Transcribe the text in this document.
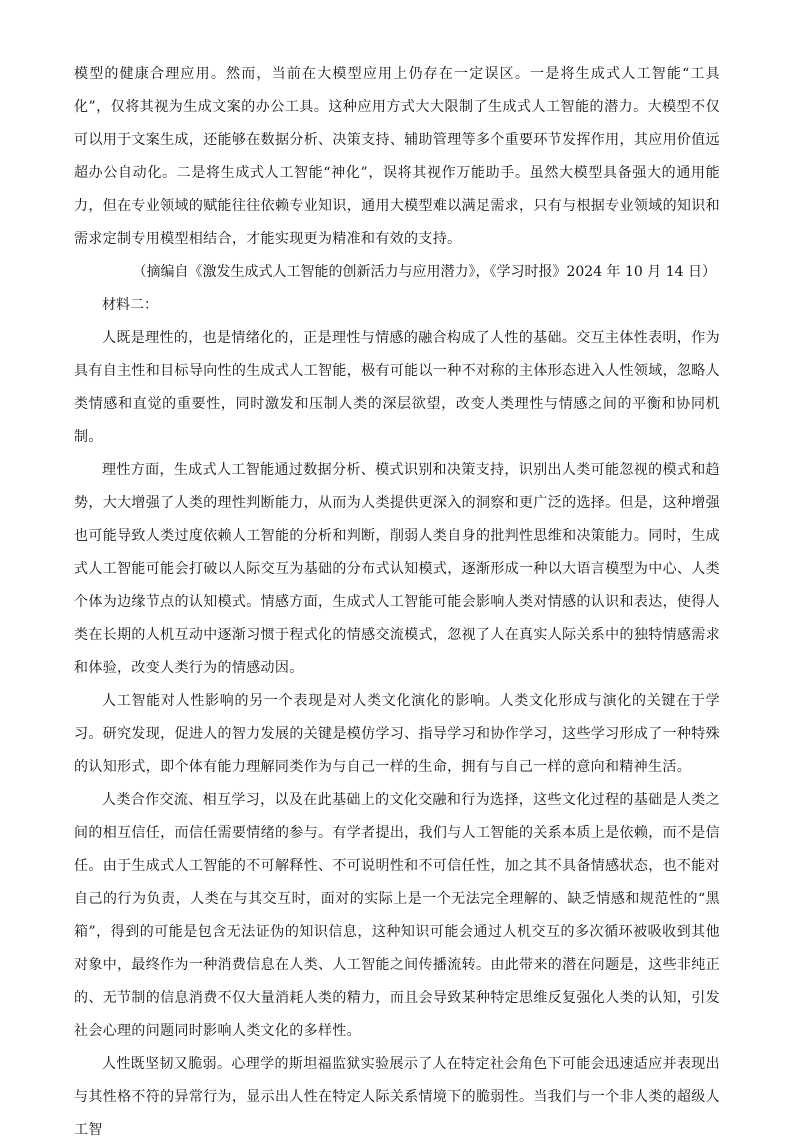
模型的健康合理应用。然而，当前在大模型应用上仍存在一定误区。一是将生成式人工智能“工具化”，仅将其视为生成文案的办公工具。这种应用方式大大限制了生成式人工智能的潜力。大模型不仅可以用于文案生成，还能够在数据分析、决策支持、辅助管理等多个重要环节发挥作用，其应用价值远超办公自动化。二是将生成式人工智能“神化”，误将其视作万能助手。虽然大模型具备强大的通用能力，但在专业领域的赋能往往依赖专业知识，通用大模型难以满足需求，只有与根据专业领域的知识和需求定制专用模型相结合，才能实现更为精准和有效的支持。

（摘编自《激发生成式人工智能的创新活力与应用潜力》，《学习时报》2024 年 10 月 14 日）

材料二：

人既是理性的，也是情绪化的，正是理性与情感的融合构成了人性的基础。交互主体性表明，作为具有自主性和目标导向性的生成式人工智能，极有可能以一种不对称的主体形态进入人性领域，忽略人类情感和直觉的重要性，同时激发和压制人类的深层欲望，改变人类理性与情感之间的平衡和协同机制。

理性方面，生成式人工智能通过数据分析、模式识别和决策支持，识别出人类可能忽视的模式和趋势，大大增强了人类的理性判断能力，从而为人类提供更深入的洞察和更广泛的选择。但是，这种增强也可能导致人类过度依赖人工智能的分析和判断，削弱人类自身的批判性思维和决策能力。同时，生成式人工智能可能会打破以人际交互为基础的分布式认知模式，逐渐形成一种以大语言模型为中心、人类个体为边缘节点的认知模式。情感方面，生成式人工智能可能会影响人类对情感的认识和表达，使得人类在长期的人机互动中逐渐习惯于程式化的情感交流模式，忽视了人在真实人际关系中的独特情感需求和体验，改变人类行为的情感动因。

人工智能对人性影响的另一个表现是对人类文化演化的影响。人类文化形成与演化的关键在于学习。研究发现，促进人的智力发展的关键是模仿学习、指导学习和协作学习，这些学习形成了一种特殊的认知形式，即个体有能力理解同类作为与自己一样的生命，拥有与自己一样的意向和精神生活。

人类合作交流、相互学习，以及在此基础上的文化交融和行为选择，这些文化过程的基础是人类之间的相互信任，而信任需要情绪的参与。有学者提出，我们与人工智能的关系本质上是依赖，而不是信任。由于生成式人工智能的不可解释性、不可说明性和不可信任性，加之其不具备情感状态，也不能对自己的行为负责，人类在与其交互时，面对的实际上是一个无法完全理解的、缺乏情感和规范性的“黑箱”，得到的可能是包含无法证伪的知识信息，这种知识可能会通过人机交互的多次循环被吸收到其他对象中，最终作为一种消费信息在人类、人工智能之间传播流转。由此带来的潜在问题是，这些非纯正的、无节制的信息消费不仅大量消耗人类的精力，而且会导致某种特定思维反复强化人类的认知，引发社会心理的问题同时影响人类文化的多样性。

人性既坚韧又脆弱。心理学的斯坦福监狱实验展示了人在特定社会角色下可能会迅速适应并表现出与其性格不符的异常行为，显示出人性在特定人际关系情境下的脆弱性。当我们与一个非人类的超级人工智
